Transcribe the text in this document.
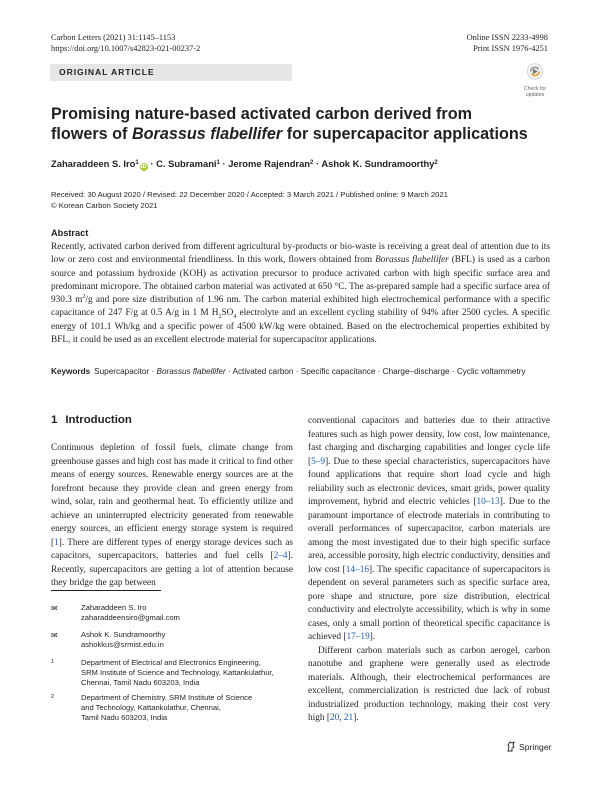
Carbon Letters (2021) 31:1145–1153
https://doi.org/10.1007/s42823-021-00237-2
Online ISSN 2233-4998
Print ISSN 1976-4251
ORIGINAL ARTICLE
Check for
updates
Promising nature-based activated carbon derived from flowers of Borassus flabellifer for supercapacitor applications
Zaharaddeen S. Iro$^1$iD · C. Subramani$^1$ · Jerome Rajendran$^2$ · Ashok K. Sundramoorthy$^2$
Received: 30 August 2020 / Revised: 22 December 2020 / Accepted: 3 March 2021 / Published online: 9 March 2021
© Korean Carbon Society 2021
Abstract
Recently, activated carbon derived from different agricultural by-products or bio-waste is receiving a great deal of attention due to its low or zero cost and environmental friendliness. In this work, flowers obtained from Borassus flabellifer (BFL) is used as a carbon source and potassium hydroxide (KOH) as activation precursor to produce activated carbon with high specific surface area and predominant micropore. The obtained carbon material was activated at 650 °C. The as-prepared sample had a specific surface area of 930.3 $m^2/g$ and pore size distribution of 1.96 nm. The carbon material exhibited high electrochemical performance with a specific capacitance of 247 F/g at 0.5 A/g in 1 M $H_2SO_4$ electrolyte and an excellent cycling stability of 94% after 2500 cycles. A specific energy of 101.1 Wh/kg and a specific power of 4500 kW/kg were obtained. Based on the electrochemical properties exhibited by BFL, it could be used as an excellent electrode material for supercapacitor applications.
Keywords Supercapacitor · Borassus flabellifer · Activated carbon · Specific capacitance · Charge–discharge · Cyclic voltammetry
1 Introduction

Continuous depletion of fossil fuels, climate change from greenhouse gasses and high cost has made it critical to find other means of energy sources. Renewable energy sources are at the forefront because they provide clean and green energy from wind, solar, rain and geothermal heat. To efficiently utilize and achieve an uninterrupted electricity generated from renewable energy sources, an efficient energy storage system is required [1]. There are different types of energy storage devices such as capacitors, supercapacitors, batteries and fuel cells [2–4]. Recently, supercapacitors are getting a lot of attention because they bridge the gap between

conventional capacitors and batteries due to their attractive features such as high power density, low cost, low maintenance, fast charging and discharging capabilities and longer cycle life [5–9]. Due to these special characteristics, supercapacitors have found applications that require short load cycle and high reliability such as electronic devices, smart grids, power quality improvement, hybrid and electric vehicles [10–13]. Due to the paramount importance of electrode materials in contributing to overall performances of supercapacitor, carbon materials are among the most investigated due to their high specific surface area, accessible porosity, high electric conductivity, densities and low cost [14–16]. The specific capacitance of supercapacitors is dependent on several parameters such as specific surface area, pore shape and structure, pore size distribution, electrical conductivity and electrolyte accessibility, which is why in some cases, only a small portion of theoretical specific capacitance is achieved [17–19].

Different carbon materials such as carbon aerogel, carbon nanotube and graphene were generally used as electrode materials. Although, their electrochemical performances are excellent, commercialization is restricted due lack of robust industrialized production technology, making their cost very high [20, 21].

✉	Zaharaddeen S. Iro
zaharaddeensiro@gmail.com
✉	Ashok K. Sundramoorthy
ashokkus@srmist.edu.in
1	Department of Electrical and Electronics Engineering,
SRM Institute of Science and Technology, Kattankulathur,
Chennai, Tamil Nadu 603203, India
2	Department of Chemistry, SRM Institute of Science
and Technology, Kattankulathur, Chennai,
Tamil Nadu 603203, India
Springer
